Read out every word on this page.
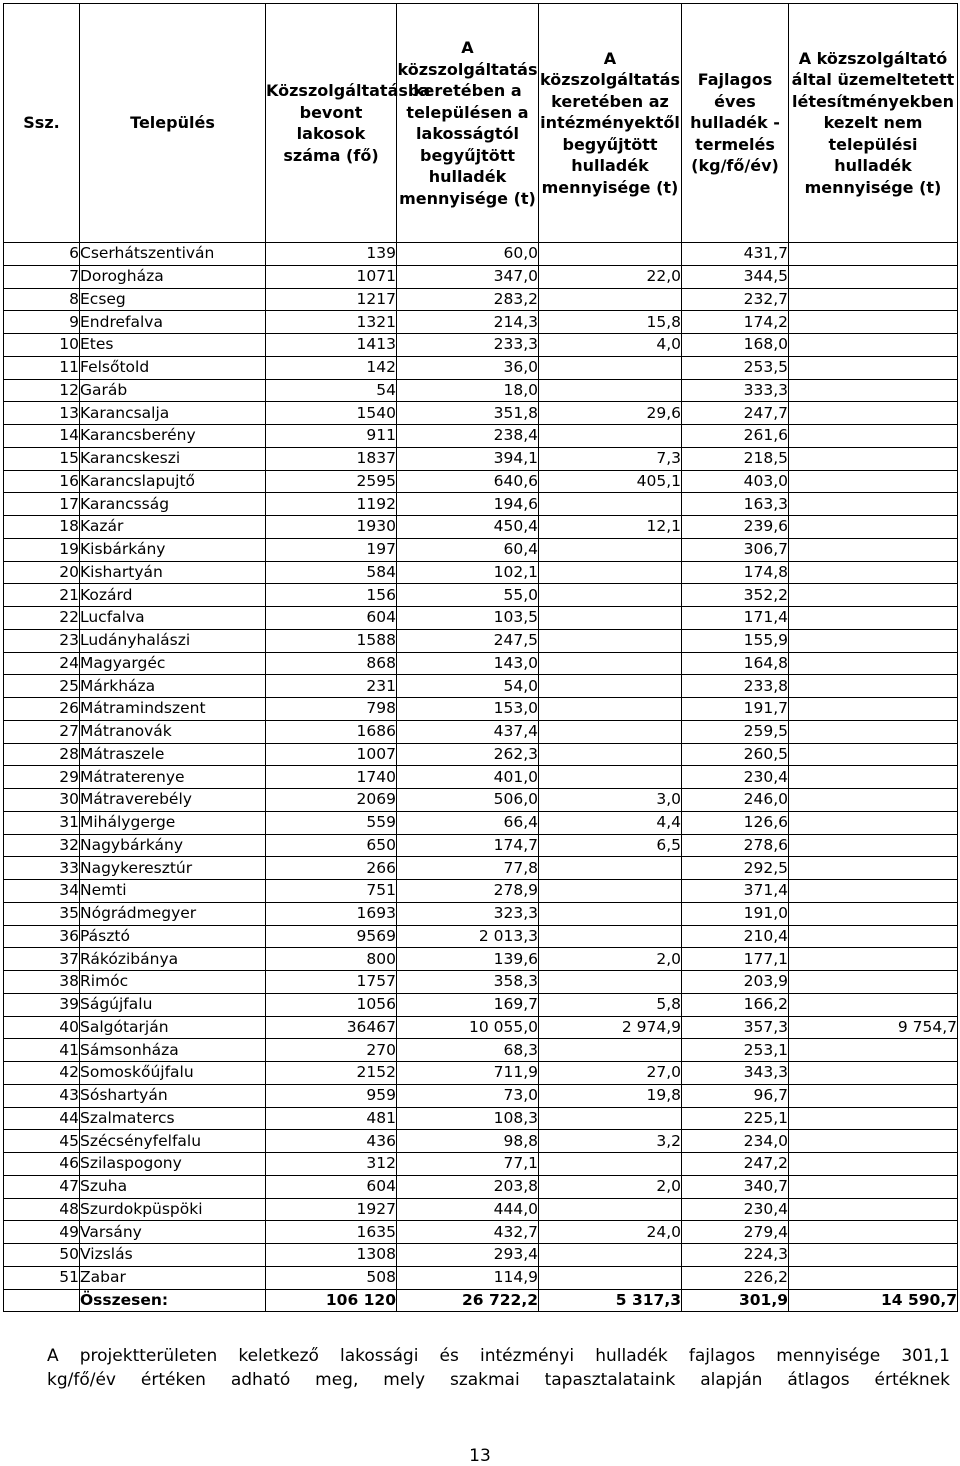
Ssz.	Település	Közszolgáltatásba bevont lakosok száma (fő)	A közszolgáltatás keretében a településen a lakosságtól begyűjtött hulladék mennyisége (t)	A közszolgáltatás keretében az intézményektől begyűjtött hulladék mennyisége (t)	Fajlagos éves hulladék - termelés (kg/fő/év)	A közszolgáltató által üzemeltetett létesítményekben kezelt nem települési hulladék mennyisége (t)
6	Cserhátszentiván	139	60,0		431,7	
7	Dorogháza	1071	347,0	22,0	344,5	
8	Ecseg	1217	283,2		232,7	
9	Endrefalva	1321	214,3	15,8	174,2	
10	Etes	1413	233,3	4,0	168,0	
11	Felsőtold	142	36,0		253,5	
12	Garáb	54	18,0		333,3	
13	Karancsalja	1540	351,8	29,6	247,7	
14	Karancsberény	911	238,4		261,6	
15	Karancskeszi	1837	394,1	7,3	218,5	
16	Karancslapujtő	2595	640,6	405,1	403,0	
17	Karancsság	1192	194,6		163,3	
18	Kazár	1930	450,4	12,1	239,6	
19	Kisbárkány	197	60,4		306,7	
20	Kishartyán	584	102,1		174,8	
21	Kozárd	156	55,0		352,2	
22	Lucfalva	604	103,5		171,4	
23	Ludányhalászi	1588	247,5		155,9	
24	Magyargéc	868	143,0		164,8	
25	Márkháza	231	54,0		233,8	
26	Mátramindszent	798	153,0		191,7	
27	Mátranovák	1686	437,4		259,5	
28	Mátraszele	1007	262,3		260,5	
29	Mátraterenye	1740	401,0		230,4	
30	Mátraverebély	2069	506,0	3,0	246,0	
31	Mihálygerge	559	66,4	4,4	126,6	
32	Nagybárkány	650	174,7	6,5	278,6	
33	Nagykeresztúr	266	77,8		292,5	
34	Nemti	751	278,9		371,4	
35	Nógrádmegyer	1693	323,3		191,0	
36	Pásztó	9569	2 013,3		210,4	
37	Rákózibánya	800	139,6	2,0	177,1	
38	Rimóc	1757	358,3		203,9	
39	Ságújfalu	1056	169,7	5,8	166,2	
40	Salgótarján	36467	10 055,0	2 974,9	357,3	9 754,7
41	Sámsonháza	270	68,3		253,1	
42	Somoskőújfalu	2152	711,9	27,0	343,3	
43	Sóshartyán	959	73,0	19,8	96,7	
44	Szalmatercs	481	108,3		225,1	
45	Szécsényfelfalu	436	98,8	3,2	234,0	
46	Szilaspogony	312	77,1		247,2	
47	Szuha	604	203,8	2,0	340,7	
48	Szurdokpüspöki	1927	444,0		230,4	
49	Varsány	1635	432,7	24,0	279,4	
50	Vizslás	1308	293,4		224,3	
51	Zabar	508	114,9		226,2	
	Összesen:	106 120	26 722,2	5 317,3	301,9	14 590,7
A projektterületen keletkező lakossági és intézményi hulladék fajlagos mennyisége 301,1
kg/fő/év értéken adható meg, mely szakmai tapasztalataink alapján átlagos értéknek
13
